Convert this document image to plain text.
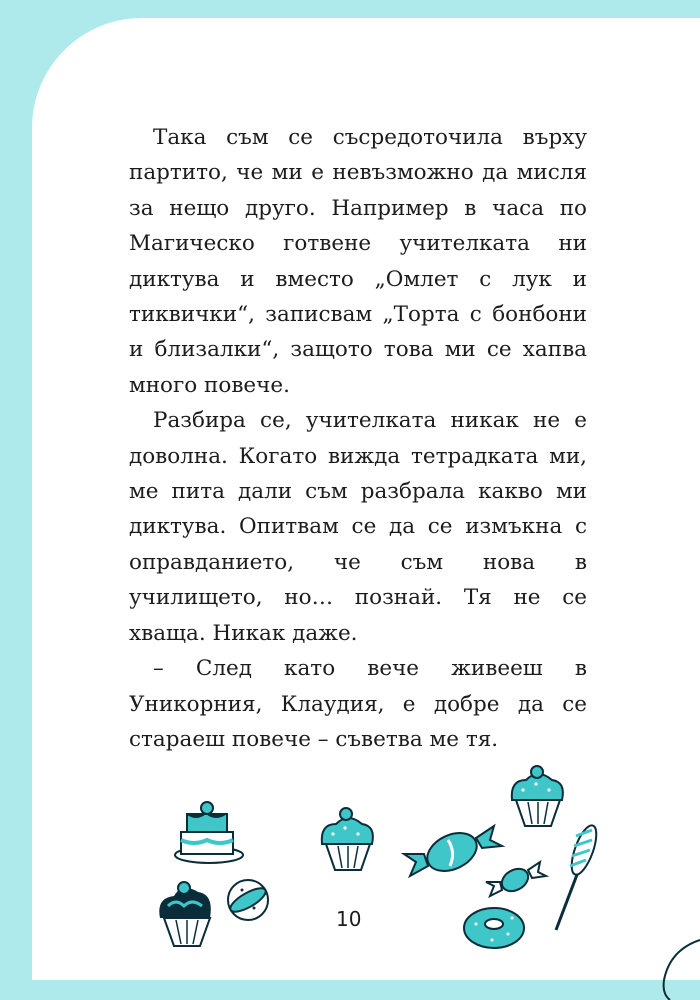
Така съм се съсредоточила върху партито, че ми е невъзможно да мисля за нещо друго. Например в часа по Магическо готвене учителката ни диктува и вместо „Омлет с лук и тиквички“, записвам „Торта с бонбони и близалки“, защото това ми се хапва много повече.

Разбира се, учителката никак не е доволна. Когато вижда тетрадката ми, ме пита дали съм разбрала какво ми диктува. Опитвам се да се измъкна с оправданието, че съм нова в училището, но… познай. Тя не се хваща. Никак даже.

– След като вече живееш в Уникорния, Клаудия, е добре да се стараеш повече – съветва ме тя.

10
